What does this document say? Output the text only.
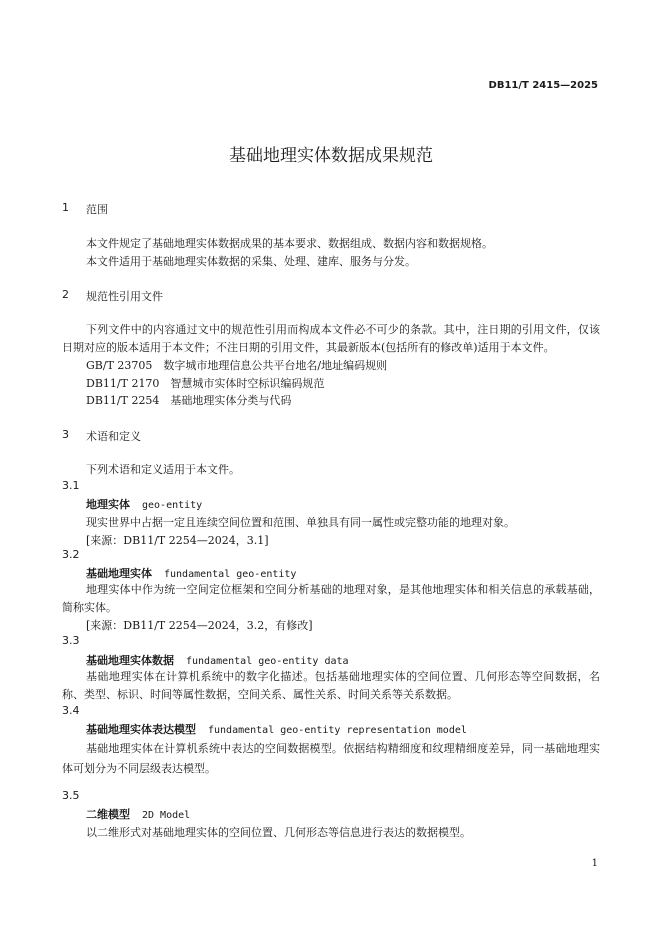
DB11/T 2415—2025
基础地理实体数据成果规范
1 范围
本文件规定了基础地理实体数据成果的基本要求、数据组成、数据内容和数据规格。
本文件适用于基础地理实体数据的采集、处理、建库、服务与分发。
2 规范性引用文件
下列文件中的内容通过文中的规范性引用而构成本文件必不可少的条款。其中，注日期的引用文件，仅该日期对应的版本适用于本文件；不注日期的引用文件，其最新版本(包括所有的修改单)适用于本文件。
GB/T 23705　数字城市地理信息公共平台地名/地址编码规则
DB11/T 2170　智慧城市实体时空标识编码规范
DB11/T 2254　基础地理实体分类与代码
3 术语和定义
下列术语和定义适用于本文件。
3.1
地理实体 geo-entity
现实世界中占据一定且连续空间位置和范围、单独具有同一属性或完整功能的地理对象。
[来源：DB11/T 2254—2024，3.1]
3.2
基础地理实体 fundamental geo-entity
地理实体中作为统一空间定位框架和空间分析基础的地理对象，是其他地理实体和相关信息的承载基础，简称实体。
[来源：DB11/T 2254—2024，3.2，有修改]
3.3
基础地理实体数据 fundamental geo-entity data
基础地理实体在计算机系统中的数字化描述。包括基础地理实体的空间位置、几何形态等空间数据，名称、类型、标识、时间等属性数据，空间关系、属性关系、时间关系等关系数据。
3.4
基础地理实体表达模型 fundamental geo-entity representation model
基础地理实体在计算机系统中表达的空间数据模型。依据结构精细度和纹理精细度差异，同一基础地理实体可划分为不同层级表达模型。
3.5
二维模型 2D Model
以二维形式对基础地理实体的空间位置、几何形态等信息进行表达的数据模型。
1
